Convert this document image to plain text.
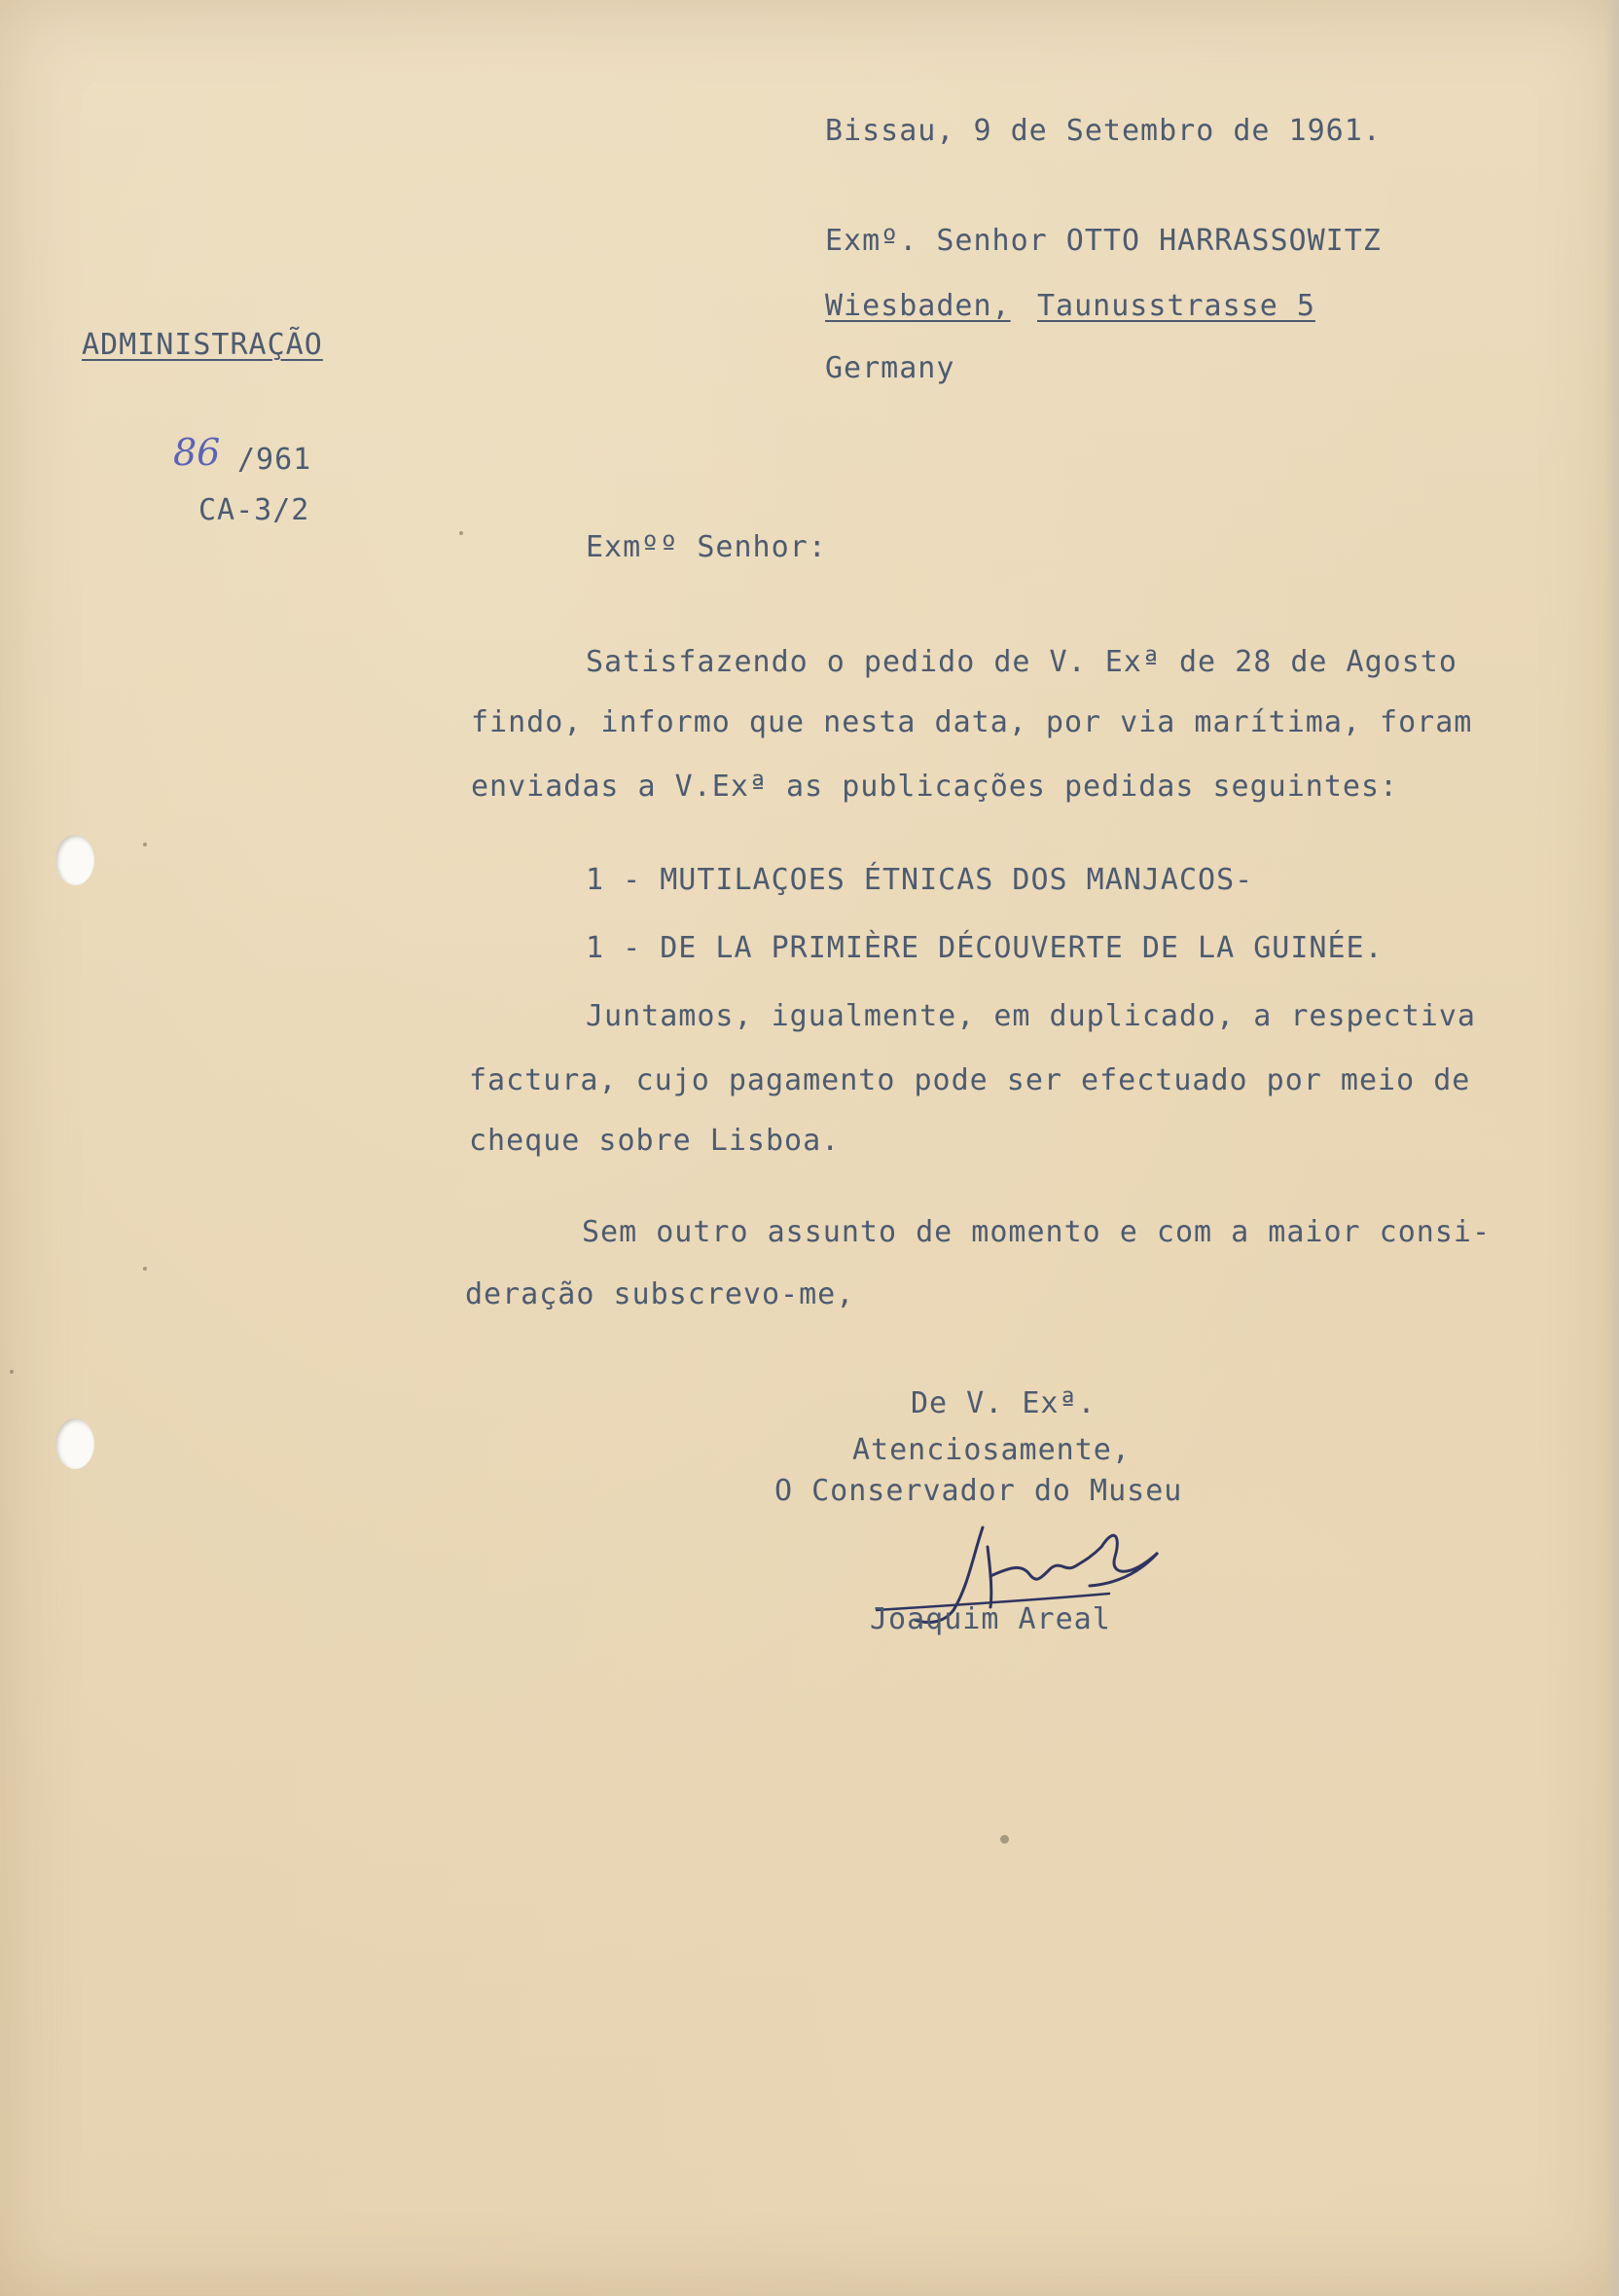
Bissau, 9 de Setembro de 1961.
Exmº. Senhor OTTO HARRASSOWITZ
Wiesbaden, Taunusstrasse 5
Germany
ADMINISTRAÇÃO
86 /961
CA-3/2
Exmºº Senhor:
Satisfazendo o pedido de V. Exª de 28 de Agosto
findo, informo que nesta data, por via marítima, foram
enviadas a V.Exª as publicações pedidas seguintes:
1 - MUTILAÇOES ÉTNICAS DOS MANJACOS-
1 - DE LA PRIMIÈRE DÉCOUVERTE DE LA GUINÉE.
Juntamos, igualmente, em duplicado, a respectiva
factura, cujo pagamento pode ser efectuado por meio de
cheque sobre Lisboa.
Sem outro assunto de momento e com a maior consi-
deração subscrevo-me,
De V. Exª.
Atenciosamente,
O Conservador do Museu
Joaquim Areal
